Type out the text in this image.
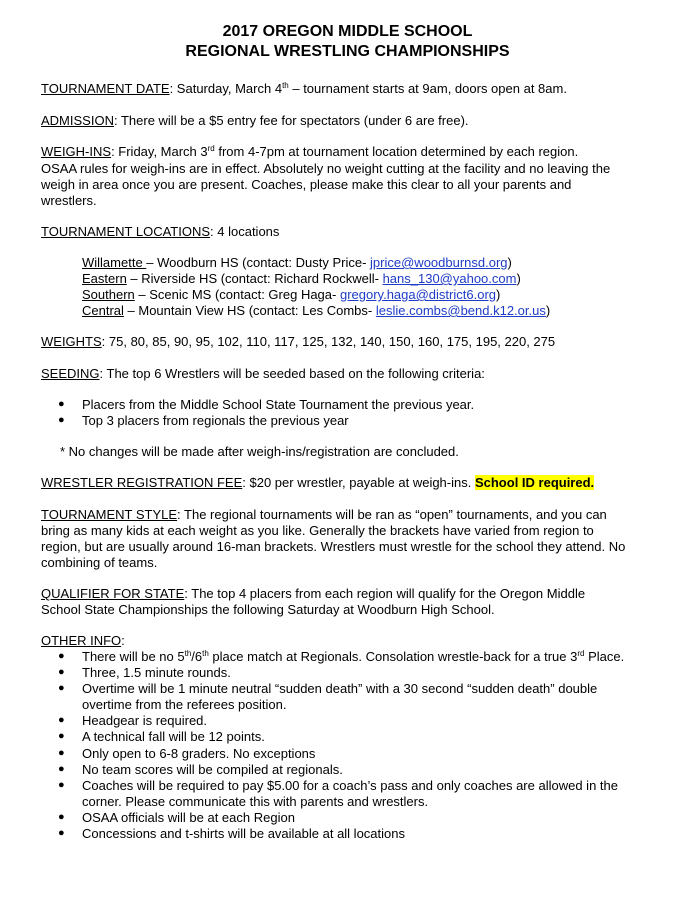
2017 OREGON MIDDLE SCHOOL
REGIONAL WRESTLING CHAMPIONSHIPS
TOURNAMENT DATE: Saturday, March 4th – tournament starts at 9am, doors open at 8am.
ADMISSION: There will be a $5 entry fee for spectators (under 6 are free).
WEIGH-INS: Friday, March 3rd from 4-7pm at tournament location determined by each region.
OSAA rules for weigh-ins are in effect. Absolutely no weight cutting at the facility and no leaving the
weigh in area once you are present. Coaches, please make this clear to all your parents and
wrestlers.
TOURNAMENT LOCATIONS: 4 locations
Willamette – Woodburn HS (contact: Dusty Price- jprice@woodburnsd.org)
Eastern – Riverside HS (contact: Richard Rockwell- hans_130@yahoo.com)
Southern – Scenic MS (contact: Greg Haga- gregory.haga@district6.org)
Central – Mountain View HS (contact: Les Combs- leslie.combs@bend.k12.or.us)
WEIGHTS: 75, 80, 85, 90, 95, 102, 110, 117, 125, 132, 140, 150, 160, 175, 195, 220, 275
SEEDING: The top 6 Wrestlers will be seeded based on the following criteria:
● Placers from the Middle School State Tournament the previous year.
● Top 3 placers from regionals the previous year
* No changes will be made after weigh-ins/registration are concluded.
WRESTLER REGISTRATION FEE: $20 per wrestler, payable at weigh-ins. School ID required.
TOURNAMENT STYLE: The regional tournaments will be ran as “open” tournaments, and you can
bring as many kids at each weight as you like. Generally the brackets have varied from region to
region, but are usually around 16-man brackets. Wrestlers must wrestle for the school they attend. No
combining of teams.
QUALIFIER FOR STATE: The top 4 placers from each region will qualify for the Oregon Middle
School State Championships the following Saturday at Woodburn High School.
OTHER INFO:
● There will be no 5th/6th place match at Regionals. Consolation wrestle-back for a true 3rd Place.
● Three, 1.5 minute rounds.
● Overtime will be 1 minute neutral “sudden death” with a 30 second “sudden death” double
overtime from the referees position.
● Headgear is required.
● A technical fall will be 12 points.
● Only open to 6-8 graders. No exceptions
● No team scores will be compiled at regionals.
● Coaches will be required to pay $5.00 for a coach’s pass and only coaches are allowed in the
corner. Please communicate this with parents and wrestlers.
● OSAA officials will be at each Region
● Concessions and t-shirts will be available at all locations
